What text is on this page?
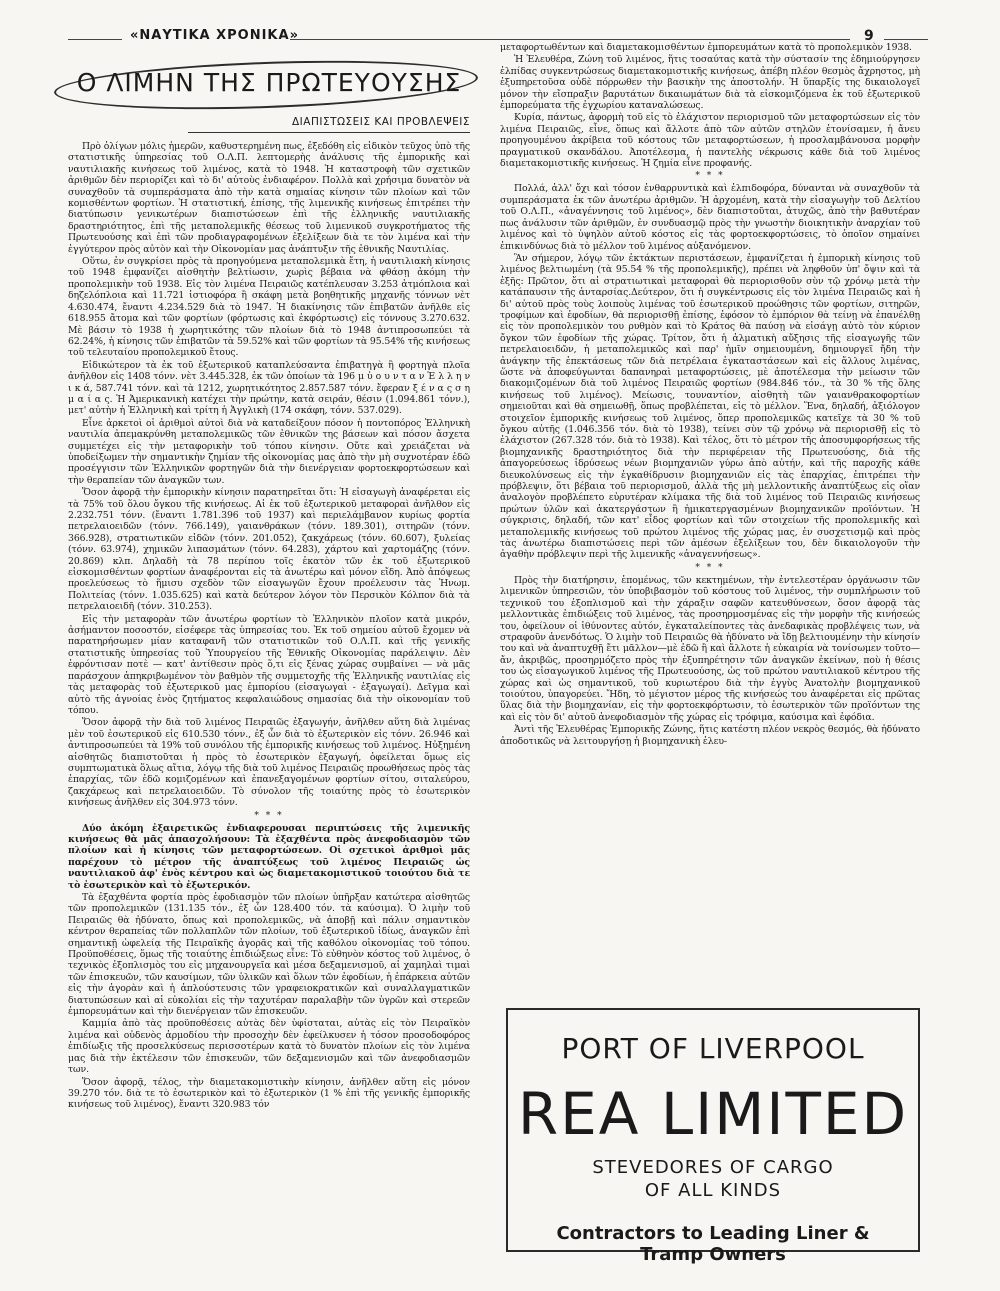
«ΝΑΥΤΙΚΑ ΧΡΟΝΙΚΑ»	9
Ο ΛΙΜΗΝ ΤΗΣ ΠΡΩΤΕΥΟΥΣΗΣ
ΔΙΑΠΙΣΤΩΣΕΙΣ ΚΑΙ ΠΡΟΒΛΕΨΕΙΣ

Πρὸ ὀλίγων μόλις ἡμερῶν, καθυστερημένη πως, ἐξεδόθη εἰς εἰδικὸν τεῦχος ὑπὸ τῆς στατιστικῆς ὑπηρεσίας τοῦ Ο.Λ.Π. λεπτομερὴς ἀνάλυσις τῆς ἐμπορικῆς καὶ ναυτιλιακῆς κινήσεως τοῦ λιμένος, κατὰ τὸ 1948. Ἡ καταστροφὴ τῶν σχετικῶν ἀριθμῶν δὲν περιορίζει καὶ τὸ δι' αὐτοὺς ἐνδιαφέρον. Πολλὰ καὶ χρήσιμα δυνατὸν νὰ συναχθοῦν τὰ συμπεράσματα ἀπὸ τὴν κατὰ σημαίας κίνησιν τῶν πλοίων καὶ τῶν κομισθέντων φορτίων. Ἡ στατιστική, ἐπίσης, τῆς λιμενικῆς κινήσεως ἐπιτρέπει τὴν διατύπωσιν γενικωτέρων διαπιστώσεων ἐπὶ τῆς ἑλληνικῆς ναυτιλιακῆς δραστηριότητος, ἐπὶ τῆς μεταπολεμικῆς θέσεως τοῦ λιμενικοῦ συγκροτήματος τῆς Πρωτευούσης καὶ ἐπὶ τῶν προδιαγραφομένων ἐξελίξεων διὰ τε τὸν λιμένα καὶ τὴν ἐγγύτερον πρὸς αὐτὸν καὶ τὴν Οἰκονομίαν μας ἀνάπτυξιν τῆς ἐθνικῆς Ναυτιλίας.

Οὕτω, ἐν συγκρίσει πρὸς τὰ προηγούμενα μεταπολεμικὰ ἔτη, ἡ ναυτιλιακὴ κίνησις τοῦ 1948 ἐμφανίζει αἰσθητὴν βελτίωσιν, χωρὶς βέβαια νὰ φθάσῃ ἀκόμη τὴν προπολεμικὴν τοῦ 1938. Εἰς τὸν λιμένα Πειραιῶς κατέπλευσαν 3.253 ἀτμόπλοια καὶ δηζελόπλοια καὶ 11.721 ἱστιοφόρα ἢ σκάφη μετὰ βοηθητικῆς μηχανῆς τόννων νὲτ 4.630.474, ἔναντι 4.234.529 διὰ τὸ 1947. Ἡ διακίνησις τῶν ἐπιβατῶν ἀνῆλθε εἰς 618.955 ἄτομα καὶ τῶν φορτίων (φόρτωσις καὶ ἐκφόρτωσις) εἰς τόννους 3.270.632. Μὲ βάσιν τὸ 1938 ἡ χωρητικότης τῶν πλοίων διὰ τὸ 1948 ἀντιπροσωπεύει τὰ 62.24%, ἡ κίνησις τῶν ἐπιβατῶν τὰ 59.52% καὶ τῶν φορτίων τὰ 95.54% τῆς κινήσεως τοῦ τελευταίου προπολεμικοῦ ἔτους.

Εἰδικώτερον τὰ ἐκ τοῦ ἐξωτερικοῦ καταπλεύσαντα ἐπιβατηγὰ ἢ φορτηγὰ πλοῖα ἀνῆλθον εἰς 1408 τόνν. νὲτ 3.445.328, ἐκ τῶν ὁποίων τὰ 196 μ ὑ ο υ ν τ α ν Ἑ λ λ η ν ι κ ά, 587.741 τόνν. καὶ τὰ 1212, χωρητικότητος 2.857.587 τόνν. ἔφεραν ξ έ ν α ς σ η μ α ί α ς. Ἡ Ἀμερικανικὴ κατέχει τὴν πρώτην, κατὰ σειράν, θέσιν (1.094.861 τόνν.), μετ' αὐτὴν ἡ Ἑλληνικὴ καὶ τρίτη ἡ Ἀγγλικὴ (174 σκάφη, τόνν. 537.029).

Εἶνε ἀρκετοὶ οἱ ἀριθμοὶ αὐτοὶ διὰ νὰ καταδείξουν πόσον ἡ ποντοπόρος Ἑλληνικὴ ναυτιλία ἀπεμακρύνθη μεταπολεμικῶς τῶν ἐθνικῶν της βάσεων καὶ πόσον ἄσχετα συμμετέχει εἰς τὴν μεταφορικὴν τοῦ τόπου κίνησιν. Οὔτε καὶ χρειάζεται νὰ ὑποδείξωμεν τὴν σημαντικὴν ζημίαν τῆς οἰκονομίας μας ἀπὸ τὴν μὴ συχνοτέραν ἐδῶ προσέγγισιν τῶν Ἑλληνικῶν φορτηγῶν διὰ τὴν διενέργειαν φορτοεκφορτώσεων καὶ τὴν θεραπείαν τῶν ἀναγκῶν των.

Ὅσον ἀφορᾷ τὴν ἐμπορικὴν κίνησιν παρατηρεῖται ὅτι: Ἡ εἰσαγωγὴ ἀναφέρεται εἰς τὰ 75% τοῦ ὅλου ὄγκου τῆς κινήσεως. Αἱ ἐκ τοῦ ἐξωτερικοῦ μεταφοραὶ ἀνῆλθον εἰς 2.232.751 τόνν. (ἔναντι 1.781.396 τοῦ 1937) καὶ περιελάμβανον κυρίως φορτία πετρελαιοειδῶν (τόνν. 766.149), γαιανθράκων (τόνν. 189.301), σιτηρῶν (τόνν. 366.928), στρατιωτικῶν εἰδῶν (τόνν. 201.052), ζακχάρεως (τόνν. 60.607), ξυλείας (τόνν. 63.974), χημικῶν λιπασμάτων (τόνν. 64.283), χάρτου καὶ χαρτομάζης (τόνν. 20.869) κλπ. Δηλαδὴ τὰ 78 περίπου τοῖς ἑκατὸν τῶν ἐκ τοῦ ἐξωτερικοῦ εἰσκομισθέντων φορτίων ἀναφέρονται εἰς τὰ ἀνωτέρω καὶ μόνον εἴδη. Ἀπὸ ἀπόψεως προελεύσεως τὸ ἥμισυ σχεδὸν τῶν εἰσαγωγῶν ἔχουν προέλευσιν τὰς Ἡνωμ. Πολιτείας (τόνν. 1.035.625) καὶ κατὰ δεύτερον λόγον τὸν Περσικὸν Κόλπον διὰ τὰ πετρελαιοειδῆ (τόνν. 310.253).

Εἰς τὴν μεταφορὰν τῶν ἀνωτέρω φορτίων τὸ Ἑλληνικὸν πλοῖον κατὰ μικρόν, ἀσήμαντον ποσοστόν, εἰσέφερε τὰς ὑπηρεσίας του. Ἐκ τοῦ σημείου αὐτοῦ ἔχομεν νὰ παρατηρήσωμεν μίαν καταφανῆ τῶν στατιστικῶν τοῦ Ο.Λ.Π. καὶ τῆς γενικῆς στατιστικῆς ὑπηρεσίας τοῦ Ὑπουργείου τῆς Ἐθνικῆς Οἰκονομίας παράλειψιν. Δὲν ἐφρόντισαν ποτὲ — κατ' ἀντίθεσιν πρὸς ὅ,τι εἰς ξένας χώρας συμβαίνει — νὰ μᾶς παράσχουν ἀπηκριβωμένον τὸν βαθμὸν τῆς συμμετοχῆς τῆς Ἑλληνικῆς ναυτιλίας εἰς τὰς μεταφορὰς τοῦ ἐξωτερικοῦ μας ἐμπορίου (εἰσαγωγαὶ - ἐξαγωγαί). Δεῖγμα καὶ αὐτὸ τῆς ἀγνοίας ἑνὸς ζητήματος κεφαλαιώδους σημασίας διὰ τὴν οἰκονομίαν τοῦ τόπου.

Ὅσον ἀφορᾷ τὴν διὰ τοῦ λιμένος Πειραιῶς ἐξαγωγήν, ἀνῆλθεν αὕτη διὰ λιμένας μὲν τοῦ ἐσωτερικοῦ εἰς 610.530 τόνν., ἐξ ὧν διὰ τὸ ἐξωτερικὸν εἰς τόνν. 26.946 καὶ ἀντιπροσωπεύει τὰ 19% τοῦ συνόλου τῆς ἐμπορικῆς κινήσεως τοῦ λιμένος. Ηὐξημένη αἰσθητῶς διαπιστοῦται ἡ πρὸς τὸ ἐσωτερικὸν ἐξαγωγή, ὀφείλεται ὅμως εἰς συμπτωματικὰ ὅλως αἴτια, λόγῳ τῆς διὰ τοῦ λιμένος Πειραιῶς προωθήσεως πρὸς τὰς ἐπαρχίας, τῶν ἐδῶ κομιζομένων καὶ ἐπανεξαγομένων φορτίων σίτου, σιταλεύρου, ζακχάρεως καὶ πετρελαιοειδῶν. Τὸ σύνολον τῆς τοιαύτης πρὸς τὸ ἐσωτερικὸν κινήσεως ἀνῆλθεν εἰς 304.973 τόνν.

* * *

Δύο ἀκόμη ἐξαιρετικῶς ἐνδιαφερουσαι περιπτώσεις τῆς λιμενικῆς κινήσεως θὰ μᾶς ἀπασχολήσουν: Τὰ ἐξαχθέντα πρὸς ἀνεφοδιασμὸν τῶν πλοίων καὶ ἡ κίνησις τῶν μεταφορτώσεων. Οἱ σχετικοὶ ἀριθμοὶ μᾶς παρέχουν τὸ μέτρον τῆς ἀναπτύξεως τοῦ λιμένος Πειραιῶς ὡς ναυτιλιακοῦ ἀφ' ἑνὸς κέντρου καὶ ὡς διαμετακομιστικοῦ τοιούτου διὰ τε τὸ ἐσωτερικὸν καὶ τὸ ἐξωτερικόν.

Τὰ ἐξαχθέντα φορτία πρὸς ἐφοδιασμὸν τῶν πλοίων ὑπῆρξαν κατώτερα αἰσθητῶς τῶν προπολεμικῶν (131.135 τόν., ἐξ ὧν 128.400 τόν. τὰ καύσιμα). Ὁ λιμὴν τοῦ Πειραιῶς θὰ ἠδύνατο, ὅπως καὶ προπολεμικῶς, νὰ ἀποβῇ καὶ πάλιν σημαντικὸν κέντρον θεραπείας τῶν πολλαπλῶν τῶν πλοίων, τοῦ ἐξωτερικοῦ ἰδίως, ἀναγκῶν ἐπὶ σημαντικῇ ὠφελείᾳ τῆς Πειραϊκῆς ἀγορᾶς καὶ τῆς καθόλου οἰκονομίας τοῦ τόπου. Προϋποθέσεις, ὅμως τῆς τοιαύτης ἐπιδιώξεως εἶνε: Τὸ εὐθηνὸν κόστος τοῦ λιμένος, ὁ τεχνικὸς ἐξοπλισμὸς του εἰς μηχανουργεῖα καὶ μέσα δεξαμενισμοῦ, αἱ χαμηλαὶ τιμαὶ τῶν ἐπισκευῶν, τῶν καυσίμων, τῶν ὑλικῶν καὶ ὅλων τῶν ἐφοδίων, ἡ ἐπάρκεια αὐτῶν εἰς τὴν ἀγορὰν καὶ ἡ ἀπλούστευσις τῶν γραφειοκρατικῶν καὶ συναλλαγματικῶν διατυπώσεων καὶ αἱ εὐκολίαι εἰς τὴν ταχυτέραν παραλαβὴν τῶν ὑγρῶν καὶ στερεῶν ἐμπορευμάτων καὶ τὴν διενέργειαν τῶν ἐπισκευῶν.

Καμμία ἀπὸ τὰς προϋποθέσεις αὐτὰς δὲν ὑφίσταται, αὐτὰς εἰς τὸν Πειραϊκὸν λιμένα καὶ οὐδενὸς ἁρμοδίου τὴν προσοχὴν δὲν ἐφείλκυσεν ἡ τόσον προσοδοφόρος ἐπιδίωξις τῆς προσελκύσεως περισσοτέρων κατὰ τὸ δυνατὸν πλοίων εἰς τὸν λιμένα μας διὰ τὴν ἐκτέλεσιν τῶν ἐπισκευῶν, τῶν δεξαμενισμῶν καὶ τῶν ἀνεφοδιασμῶν των.

Ὅσον ἀφορᾷ, τέλος, τὴν διαμετακομιστικὴν κίνησιν, ἀνῆλθεν αὕτη εἰς μόνον 39.270 τόν. διὰ τε τὸ ἐσωτερικὸν καὶ τὸ ἐξωτερικὸν (1 % ἐπὶ τῆς γενικῆς ἐμπορικῆς κινήσεως τοῦ λιμένος), ἔναντι 320.983 τόν

μεταφορτωθέντων καὶ διαμετακομισθέντων ἐμπορευμάτων κατὰ τὸ προπολεμικὸν 1938.

Ἡ Ἐλευθέρα, Ζώνη τοῦ λιμένος, ἥτις τοσαύτας κατὰ τὴν σύστασίν της ἐδημιούργησεν ἐλπίδας συγκεντρώσεως διαμετακομιστικῆς κινήσεως, ἀπέβη πλέον θεσμὸς ἄχρηστος, μὴ ἐξυπηρετοῦσα οὐδὲ πόρρωθεν τὴν βασικὴν της ἀποστολήν. Ἡ ὕπαρξίς της δικαιολογεῖ μόνον τὴν εἴσπραξιν βαρυτάτων δικαιωμάτων διὰ τὰ εἰσκομιζόμενα ἐκ τοῦ ἐξωτερικοῦ ἐμπορεύματα τῆς ἐγχωρίου καταναλώσεως.

Κυρία, πάντως, ἀφορμὴ τοῦ εἰς τὸ ἐλάχιστον περιορισμοῦ τῶν μεταφορτώσεων εἰς τὸν λιμένα Πειραιῶς, εἶνε, ὅπως καὶ ἄλλοτε ἀπὸ τῶν αὐτῶν στηλῶν ἐτονίσαμεν, ἡ ἄνευ προηγουμένου ἀκρίβεια τοῦ κόστους τῶν μεταφορτώσεων, ἡ προσλαμβάνουσα μορφὴν πραγματικοῦ σκανδάλου. Ἀποτέλεσμα, ἡ παντελὴς νέκρωσις κάθε διὰ τοῦ λιμένος διαμετακομιστικῆς κινήσεως. Ἡ ζημία εἶνε προφανής.

* * *

Πολλά, ἀλλ' ὄχι καὶ τόσον ἐνθαρρυντικὰ καὶ ἐλπιδοφόρα, δύνανται νὰ συναχθοῦν τὰ συμπεράσματα ἐκ τῶν ἀνωτέρω ἀριθμῶν. Ἡ ἀρχομένη, κατὰ τὴν εἰσαγωγὴν τοῦ Δελτίου τοῦ Ο.Λ.Π., «ἀναγέννησις τοῦ λιμένος», δὲν διαπιστοῦται, ἀτυχῶς, ἀπὸ τὴν βαθυτέραν πως ἀνάλυσιν τῶν ἀριθμῶν, ἐν συνδυασμῷ πρὸς τὴν γνωστὴν διοικητικὴν ἀναρχίαν τοῦ λιμένος καὶ τὸ ὑψηλὸν αὐτοῦ κόστος εἰς τὰς φορτοεκφορτώσεις, τὸ ὁποῖον σημαίνει ἐπικινδύνως διὰ τὸ μέλλον τοῦ λιμένος αὐξανόμενον.

Ἂν σήμερον, λόγῳ τῶν ἐκτάκτων περιστάσεων, ἐμφανίζεται ἡ ἐμπορικὴ κίνησις τοῦ λιμένος βελτιωμένη (τὰ 95.54 % τῆς προπολεμικῆς), πρέπει νὰ ληφθοῦν ὑπ' ὄψιν καὶ τὰ ἑξῆς: Πρῶτον, ὅτι αἱ στρατιωτικαὶ μεταφοραὶ θὰ περιορισθοῦν σὺν τῷ χρόνῳ μετὰ τὴν κατάπαυσιν τῆς ἀνταρσίας.Δεύτερον, ὅτι ἡ συγκέντρωσις εἰς τὸν λιμένα Πειραιῶς καὶ ἡ δι' αὐτοῦ πρὸς τοὺς λοιποὺς λιμένας τοῦ ἐσωτερικοῦ προώθησις τῶν φορτίων, σιτηρῶν, τροφίμων καὶ ἐφοδίων, θὰ περιορισθῇ ἐπίσης, ἐφόσον τὸ ἐμπόριον θὰ τείνῃ νὰ ἐπανέλθῃ εἰς τὸν προπολεμικὸν του ρυθμὸν καὶ τὸ Κράτος θὰ παύσῃ νὰ εἰσάγῃ αὐτὸ τὸν κύριον ὄγκον τῶν ἐφοδίων τῆς χώρας. Τρίτον, ὅτι ἡ ἀλματικὴ αὔξησις τῆς εἰσαγωγῆς τῶν πετρελαιοειδῶν, ἡ μεταπολεμικῶς καὶ παρ' ἡμῖν σημειουμένη, δημιουργεῖ ἤδη τὴν ἀνάγκην τῆς ἐπεκτάσεως τῶν διὰ πετρέλαια ἐγκαταστάσεων καὶ εἰς ἄλλους λιμένας, ὥστε νὰ ἀποφεύγωνται δαπανηραὶ μεταφορτώσεις, μὲ ἀποτέλεσμα τὴν μείωσιν τῶν διακομιζομένων διὰ τοῦ λιμένος Πειραιῶς φορτίων (984.846 τόν., τὰ 30 % τῆς ὅλης κινήσεως τοῦ λιμένος). Μείωσις, τουναντίον, αἰσθητὴ τῶν γαιανθρακοφορτίων σημειοῦται καὶ θὰ σημειωθῇ, ὅπως προβλέπεται, εἰς τὸ μέλλον. Ἕνα, δηλαδή, ἀξιόλογον στοιχεῖον ἐμπορικῆς κινήσεως τοῦ λιμένος, ὅπερ προπολεμικῶς κατεῖχε τὰ 30 % τοῦ ὄγκου αὐτῆς (1.046.356 τόν. διὰ τὸ 1938), τείνει σὺν τῷ χρόνῳ νὰ περιορισθῇ εἰς τὸ ἐλάχιστον (267.328 τόν. διὰ τὸ 1938). Καὶ τέλος, ὅτι τὸ μέτρον τῆς ἀποσυμφορήσεως τῆς βιομηχανικῆς δραστηριότητος διὰ τὴν περιφέρειαν τῆς Πρωτευούσης, διὰ τῆς ἀπαγορεύσεως ἱδρύσεως νέων βιομηχανιῶν γύρω ἀπὸ αὐτήν, καὶ τῆς παροχῆς κάθε διευκολύνσεως εἰς τὴν ἐγκαθίδρυσιν βιομηχανιῶν εἰς τὰς ἐπαρχίας, ἐπιτρέπει τὴν πρόβλεψιν, ὅτι βέβαια τοῦ περιορισμοῦ, ἀλλὰ τῆς μὴ μελλοντικῆς ἀναπτύξεως εἰς οἵαν ἀναλογὸν προβλέπετο εὐρυτέραν κλίμακα τῆς διὰ τοῦ λιμένος τοῦ Πειραιῶς κινήσεως πρώτων ὑλῶν καὶ ἀκατεργάστων ἢ ἡμικατεργασμένων βιομηχανικῶν προϊόντων. Ἡ σύγκρισις, δηλαδή, τῶν κατ' εἶδος φορτίων καὶ τῶν στοιχείων τῆς προπολεμικῆς καὶ μεταπολεμικῆς κινήσεως τοῦ πρώτου λιμένος τῆς χώρας μας, ἐν συσχετισμῷ καὶ πρὸς τὰς ἀνωτέρω διαπιστώσεις περὶ τῶν ἀμέσων ἐξελίξεων του, δὲν δικαιολογοῦν τὴν ἀγαθὴν πρόβλεψιν περὶ τῆς λιμενικῆς «ἀναγεννήσεως».

* * *

Πρὸς τὴν διατήρησιν, ἑπομένως, τῶν κεκτημένων, τὴν ἐντελεστέραν ὀργάνωσιν τῶν λιμενικῶν ὑπηρεσιῶν, τὸν ὑποβιβασμὸν τοῦ κόστους τοῦ λιμένος, τὴν συμπλήρωσιν τοῦ τεχνικοῦ του ἐξοπλισμοῦ καὶ τὴν χάραξιν σαφῶν κατευθύνσεων, ὅσον ἀφορᾷ τὰς μελλοντικὰς ἐπιδιώξεις τοῦ λιμένος, τὰς προσηρμοσμένας εἰς τὴν μορφὴν τῆς κινήσεώς του, ὀφείλουν οἱ ἰθύνοντες αὐτόν, ἐγκαταλείποντες τὰς ἀνεδαφικὰς προβλέψεις των, νὰ στραφοῦν ἀνενδότως. Ὁ λιμὴν τοῦ Πειραιῶς θὰ ἠδύνατο νὰ ἴδῃ βελτιουμένην τὴν κίνησίν του καὶ νὰ ἀναπτυχθῇ ἔτι μᾶλλον—μὲ ἐδῶ ἢ καὶ ἄλλοτε ἡ εὐκαιρία νὰ τονίσωμεν τοῦτο—ἄν, ἀκριβῶς, προσηρμόζετο πρὸς τὴν ἐξυπηρέτησιν τῶν ἀναγκῶν ἐκείνων, ποὺ ἡ θέσις του ὡς εἰσαγωγικοῦ λιμένος τῆς Πρωτευούσης, ὡς τοῦ πρώτου ναυτιλιακοῦ κέντρου τῆς χώρας καὶ ὡς σημαντικοῦ, τοῦ κυριωτέρου διὰ τὴν ἐγγὺς Ἀνατολὴν βιομηχανικοῦ τοιούτου, ὑπαγορεύει. Ἤδη, τὸ μέγιστον μέρος τῆς κινήσεώς του ἀναφέρεται εἰς πρῶτας ὕλας διὰ τὴν βιομηχανίαν, εἰς τὴν φορτοεκφόρτωσιν, τὸ ἐσωτερικὸν τῶν προϊόντων της καὶ εἰς τὸν δι' αὐτοῦ ἀνεφοδιασμὸν τῆς χώρας εἰς τρόφιμα, καύσιμα καὶ ἐφόδια.

Ἀντὶ τῆς Ἐλευθέρας Ἐμπορικῆς Ζώνης, ἥτις κατέστη πλέον νεκρὸς θεσμός, θὰ ἠδύνατο ἀποδοτικῶς νὰ λειτουργήσῃ ἡ βιομηχανικὴ ἐλευ-

PORT OF LIVERPOOL
REA LIMITED
STEVEDORES OF CARGO
OF ALL KINDS
Contractors to Leading Liner &
Tramp Owners
